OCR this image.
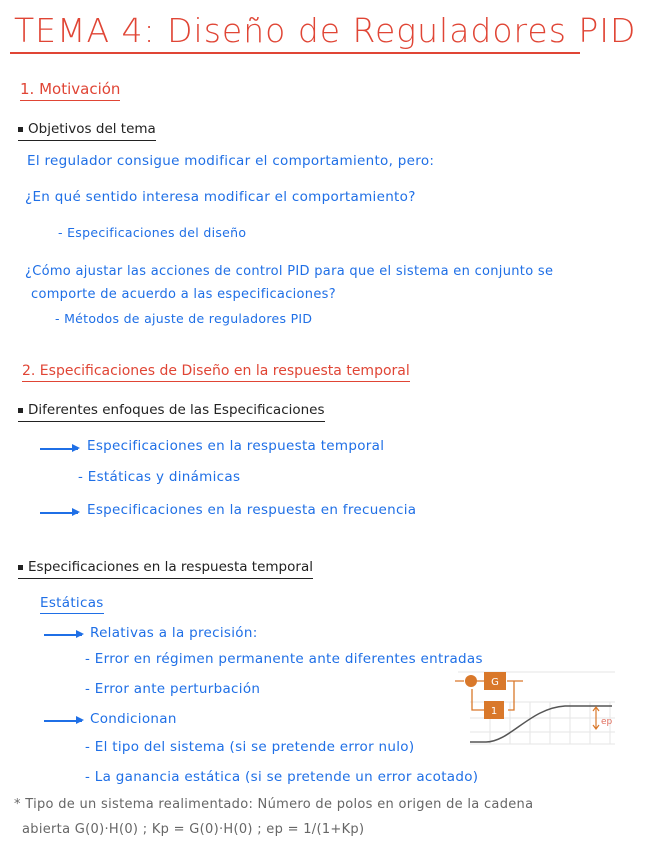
TEMA 4: Diseño de Reguladores PID
1. Motivación
Objetivos del tema
El regulador consigue modificar el comportamiento, pero:
¿En qué sentido interesa modificar el comportamiento?
- Especificaciones del diseño
¿Cómo ajustar las acciones de control PID para que el sistema en conjunto se
comporte de acuerdo a las especificaciones?
- Métodos de ajuste de reguladores PID
2. Especificaciones de Diseño en la respuesta temporal
Diferentes enfoques de las Especificaciones
Especificaciones en la respuesta temporal
- Estáticas y dinámicas
Especificaciones en la respuesta en frecuencia
Especificaciones en la respuesta temporal
Estáticas
Relativas a la precisión:
- Error en régimen permanente ante diferentes entradas
- Error ante perturbación
Condicionan
- El tipo del sistema (si se pretende error nulo)
- La ganancia estática (si se pretende un error acotado)
* Tipo de un sistema realimentado: Número de polos en origen de la cadena
abierta G(0)·H(0) ; Kp = G(0)·H(0) ; ep = 1/(1+Kp)
G
1
ep
